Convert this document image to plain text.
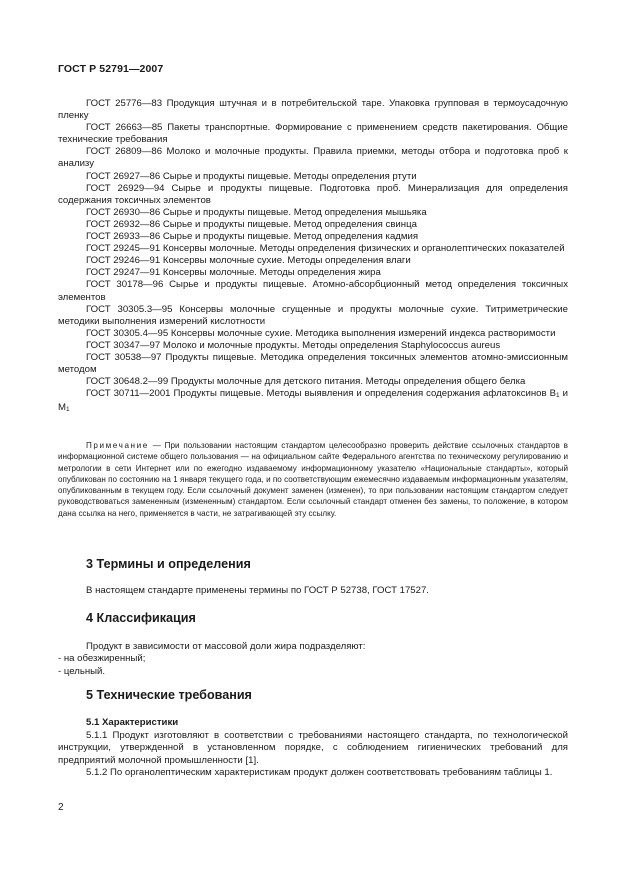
ГОСТ Р 52791—2007

ГОСТ 25776—83 Продукция штучная и в потребительской таре. Упаковка групповая в термоусадочную пленку

ГОСТ 26663—85 Пакеты транспортные. Формирование с применением средств пакетирования. Общие технические требования

ГОСТ 26809—86 Молоко и молочные продукты. Правила приемки, методы отбора и подготовка проб к анализу

ГОСТ 26927—86 Сырье и продукты пищевые. Методы определения ртути

ГОСТ 26929—94 Сырье и продукты пищевые. Подготовка проб. Минерализация для определения содержания токсичных элементов

ГОСТ 26930—86 Сырье и продукты пищевые. Метод определения мышьяка

ГОСТ 26932—86 Сырье и продукты пищевые. Метод определения свинца

ГОСТ 26933—86 Сырье и продукты пищевые. Метод определения кадмия

ГОСТ 29245—91 Консервы молочные. Методы определения физических и органолептических показателей

ГОСТ 29246—91 Консервы молочные сухие. Методы определения влаги

ГОСТ 29247—91 Консервы молочные. Методы определения жира

ГОСТ 30178—96 Сырье и продукты пищевые. Атомно-абсорбционный метод определения токсичных элементов

ГОСТ 30305.3—95 Консервы молочные сгущенные и продукты молочные сухие. Титриметрические методики выполнения измерений кислотности

ГОСТ 30305.4—95 Консервы молочные сухие. Методика выполнения измерений индекса растворимости

ГОСТ 30347—97 Молоко и молочные продукты. Методы определения Staphylococcus aureus

ГОСТ 30538—97 Продукты пищевые. Методика определения токсичных элементов атомно-эмиссионным методом

ГОСТ 30648.2—99 Продукты молочные для детского питания. Методы определения общего белка

ГОСТ 30711—2001 Продукты пищевые. Методы выявления и определения содержания афлатоксинов $B_1$ и $M_1$

Примечание — При пользовании настоящим стандартом целесообразно проверить действие ссылочных стандартов в информационной системе общего пользования — на официальном сайте Федерального агентства по техническому регулированию и метрологии в сети Интернет или по ежегодно издаваемому информационному указателю «Национальные стандарты», который опубликован по состоянию на 1 января текущего года, и по соответствующим ежемесячно издаваемым информационным указателям, опубликованным в текущем году. Если ссылочный документ заменен (изменен), то при пользовании настоящим стандартом следует руководствоваться замененным (измененным) стандартом. Если ссылочный стандарт отменен без замены, то положение, в котором дана ссылка на него, применяется в части, не затрагивающей эту ссылку.

3 Термины и определения

В настоящем стандарте применены термины по ГОСТ Р 52738, ГОСТ 17527.

4 Классификация

Продукт в зависимости от массовой доли жира подразделяют:

- на обезжиренный;

- цельный.

5 Технические требования
5.1 Характеристики

5.1.1 Продукт изготовляют в соответствии с требованиями настоящего стандарта, по технологической инструкции, утвержденной в установленном порядке, с соблюдением гигиенических требований для предприятий молочной промышленности [1].

5.1.2 По органолептическим характеристикам продукт должен соответствовать требованиям таблицы 1.

2
